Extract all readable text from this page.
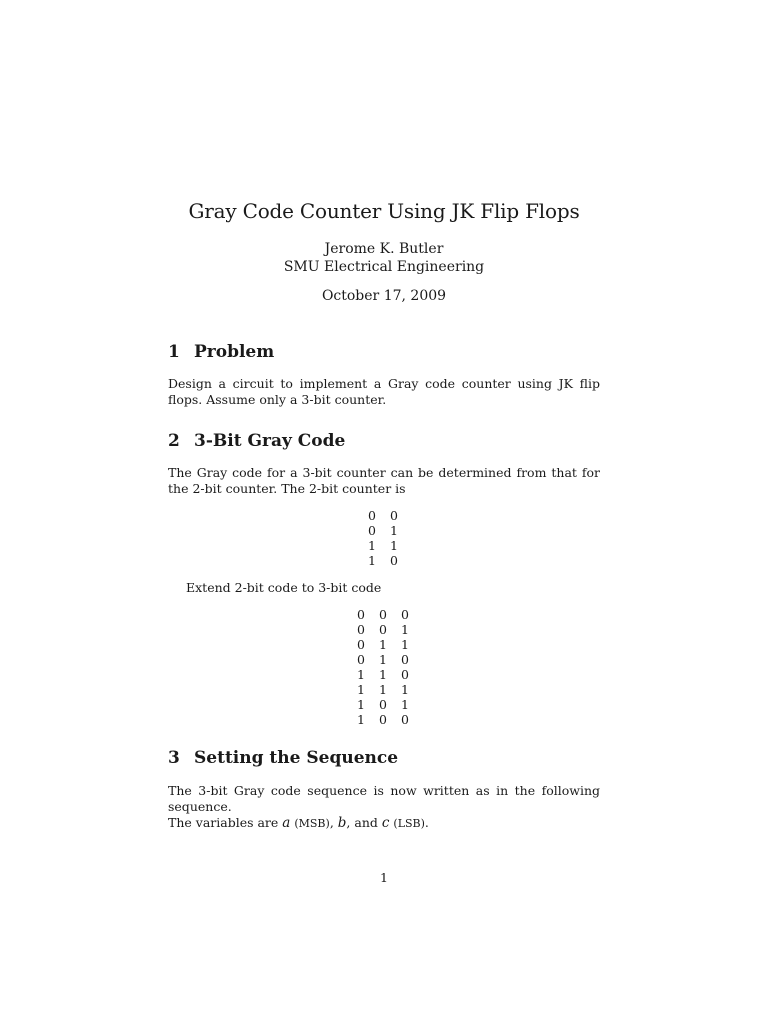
Gray Code Counter Using JK Flip Flops
Jerome K. Butler
SMU Electrical Engineering
October 17, 2009
1 Problem
Design a circuit to implement a Gray code counter using JK flip flops. Assume only a 3-bit counter.
2 3-Bit Gray Code
The Gray code for a 3-bit counter can be determined from that for the 2-bit counter. The 2-bit counter is
0	0
0	1
1	1
1	0
Extend 2-bit code to 3-bit code
0	0	0
0	0	1
0	1	1
0	1	0
1	1	0
1	1	1
1	0	1
1	0	0
3 Setting the Sequence
The 3-bit Gray code sequence is now written as in the following sequence.
The variables are a (MSB), b, and c (LSB).
1
